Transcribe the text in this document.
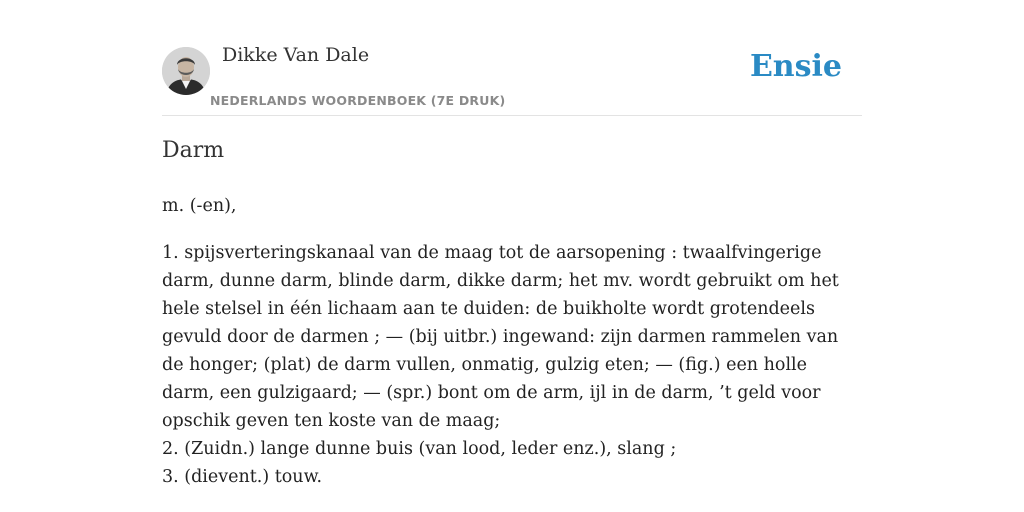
Dikke Van Dale
NEDERLANDS WOORDENBOEK (7E DRUK)
Ensie
Darm

m. (-en),

1. spijsverteringskanaal van de maag tot de aarsopening : twaalfvingerige darm, dunne darm, blinde darm, dikke darm; het mv. wordt gebruikt om het hele stelsel in één lichaam aan te duiden: de buikholte wordt grotendeels gevuld door de darmen ; — (bij uitbr.) ingewand: zijn darmen rammelen van de honger; (plat) de darm vullen, onmatig, gulzig eten; — (fig.) een holle darm, een gulzigaard; — (spr.) bont om de arm, ijl in de darm, ’t geld voor opschik geven ten koste van de maag;
2. (Zuidn.) lange dunne buis (van lood, leder enz.), slang ;
3. (dievent.) touw.
